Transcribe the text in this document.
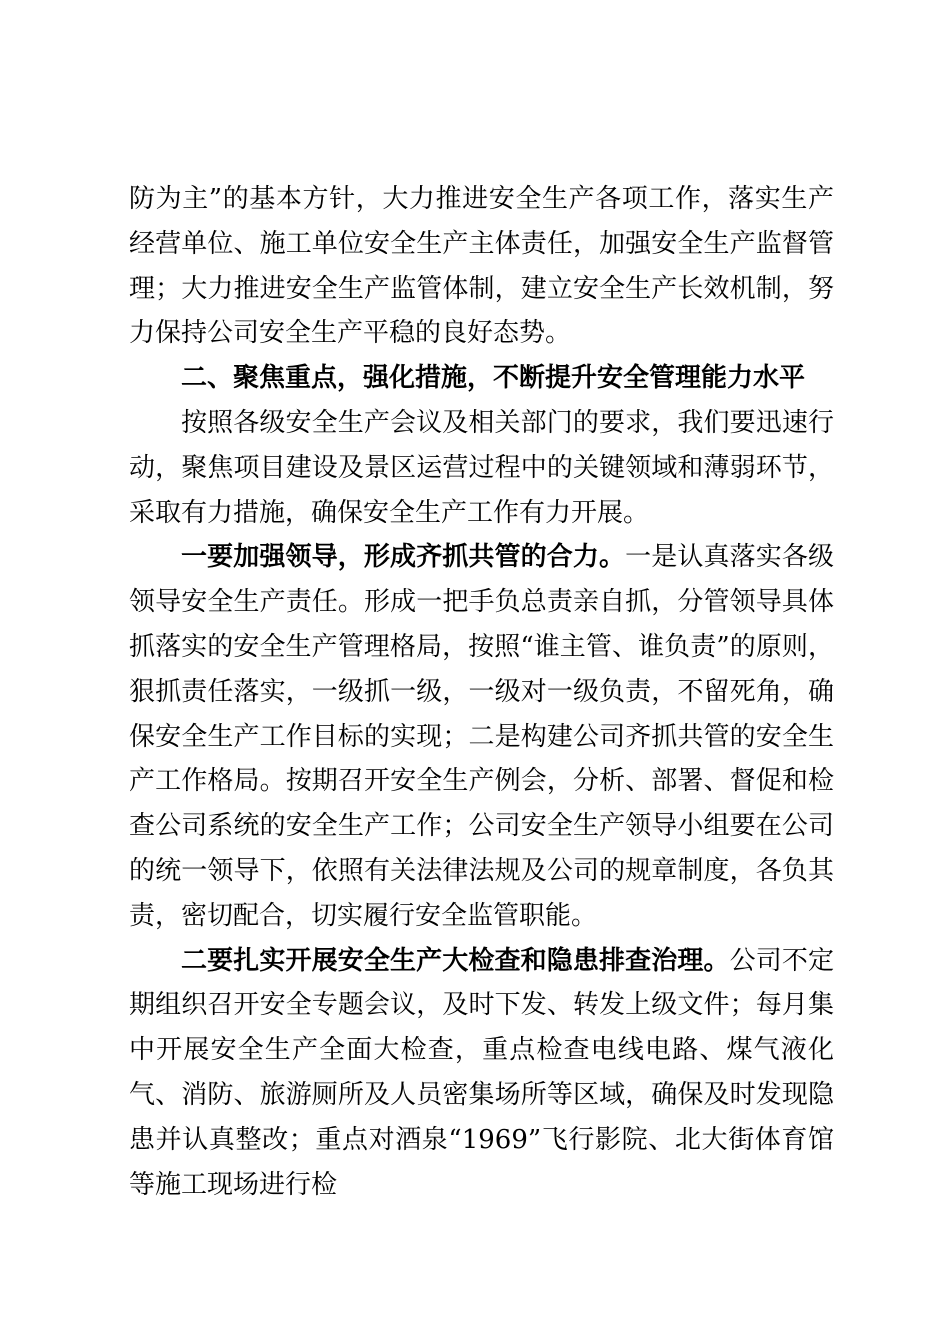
防为主”的基本方针，大力推进安全生产各项工作，落实生产经营单位、施工单位安全生产主体责任，加强安全生产监督管理；大力推进安全生产监管体制，建立安全生产长效机制，努力保持公司安全生产平稳的良好态势。

二、聚焦重点，强化措施，不断提升安全管理能力水平

按照各级安全生产会议及相关部门的要求，我们要迅速行动，聚焦项目建设及景区运营过程中的关键领域和薄弱环节，采取有力措施，确保安全生产工作有力开展。

一要加强领导，形成齐抓共管的合力。一是认真落实各级领导安全生产责任。形成一把手负总责亲自抓，分管领导具体抓落实的安全生产管理格局，按照“谁主管、谁负责”的原则，狠抓责任落实，一级抓一级，一级对一级负责，不留死角，确保安全生产工作目标的实现；二是构建公司齐抓共管的安全生产工作格局。按期召开安全生产例会，分析、部署、督促和检查公司系统的安全生产工作；公司安全生产领导小组要在公司的统一领导下，依照有关法律法规及公司的规章制度，各负其责，密切配合，切实履行安全监管职能。

二要扎实开展安全生产大检查和隐患排查治理。公司不定期组织召开安全专题会议，及时下发、转发上级文件；每月集中开展安全生产全面大检查，重点检查电线电路、煤气液化气、消防、旅游厕所及人员密集场所等区域，确保及时发现隐患并认真整改；重点对酒泉“1969”飞行影院、北大街体育馆等施工现场进行检
